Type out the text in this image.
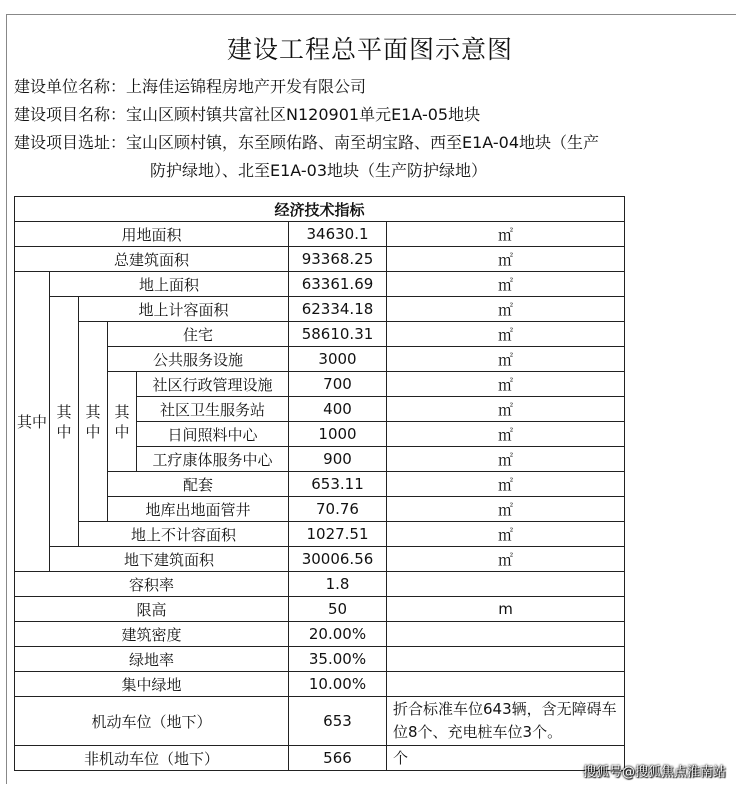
建设工程总平面图示意图
建设单位名称：上海佳运锦程房地产开发有限公司
建设项目名称：宝山区顾村镇共富社区N120901单元E1A-05地块
建设项目选址：宝山区顾村镇，东至顾佑路、南至胡宝路、西至E1A-04地块（生产
防护绿地）、北至E1A-03地块（生产防护绿地）
经济技术指标						
用地面积					34630.1	㎡
总建筑面积					93368.25	㎡
其中	地上面积				63361.69	㎡
	其中	地上计容面积			62334.18	㎡
		其中	住宅		58610.31	㎡
			公共服务设施		3000	㎡
			其中	社区行政管理设施	700	㎡
				社区卫生服务站	400	㎡
				日间照料中心	1000	㎡
				工疗康体服务中心	900	㎡
			配套		653.11	㎡
			地库出地面管井		70.76	㎡
		地上不计容面积			1027.51	㎡
	地下建筑面积				30006.56	㎡
容积率					1.8	
限高					50	m
建筑密度					20.00%	
绿地率					35.00%	
集中绿地					10.00%	
机动车位（地下）					653	折合标准车位643辆，含无障碍车位8个、充电桩车位3个。
非机动车位（地下）					566	个
搜狐号@搜狐焦点淮南站
